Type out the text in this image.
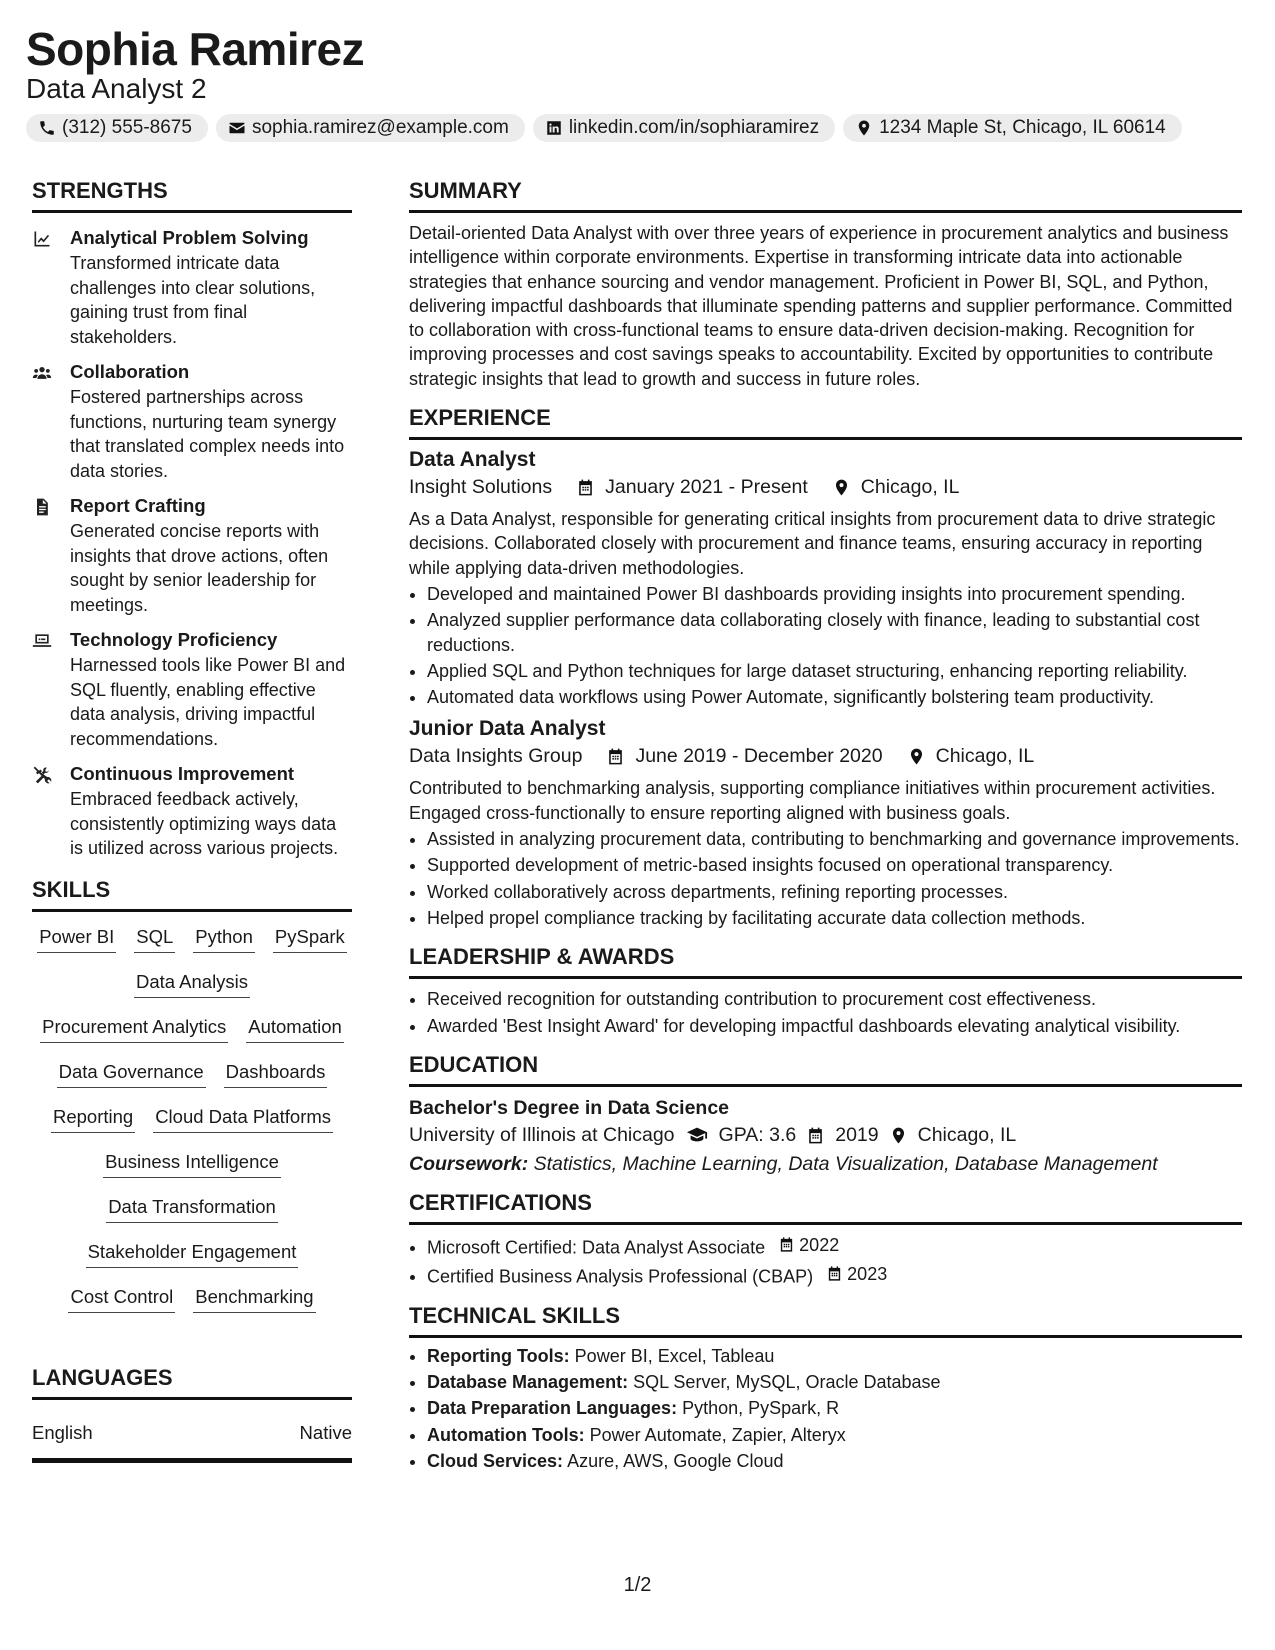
Sophia Ramirez
Data Analyst 2
(312) 555-8675	sophia.ramirez@example.com	linkedin.com/in/sophiaramirez	1234 Maple St, Chicago, IL 60614
STRENGTHS

Analytical Problem Solving

Transformed intricate data challenges into clear solutions, gaining trust from final stakeholders.

Collaboration

Fostered partnerships across functions, nurturing team synergy that translated complex needs into data stories.

Report Crafting

Generated concise reports with insights that drove actions, often sought by senior leadership for meetings.

Technology Proficiency

Harnessed tools like Power BI and SQL fluently, enabling effective data analysis, driving impactful recommendations.

Continuous Improvement

Embraced feedback actively, consistently optimizing ways data is utilized across various projects.

SKILLS
Power BI SQL Python PySpark
Data Analysis
Procurement Analytics Automation
Data Governance Dashboards
Reporting Cloud Data Platforms
Business Intelligence
Data Transformation
Stakeholder Engagement
Cost Control Benchmarking
LANGUAGES
English	Native
SUMMARY

Detail-oriented Data Analyst with over three years of experience in procurement analytics and business intelligence within corporate environments. Expertise in transforming intricate data into actionable strategies that enhance sourcing and vendor management. Proficient in Power BI, SQL, and Python, delivering impactful dashboards that illuminate spending patterns and supplier performance. Committed to collaboration with cross-functional teams to ensure data-driven decision-making. Recognition for improving processes and cost savings speaks to accountability. Excited by opportunities to contribute strategic insights that lead to growth and success in future roles.

EXPERIENCE
Data Analyst
Insight Solutions	January 2021 - Present	Chicago, IL

As a Data Analyst, responsible for generating critical insights from procurement data to drive strategic decisions. Collaborated closely with procurement and finance teams, ensuring accuracy in reporting while applying data-driven methodologies.

• Developed and maintained Power BI dashboards providing insights into procurement spending.
• Analyzed supplier performance data collaborating closely with finance, leading to substantial cost reductions.
• Applied SQL and Python techniques for large dataset structuring, enhancing reporting reliability.
• Automated data workflows using Power Automate, significantly bolstering team productivity.
Junior Data Analyst
Data Insights Group	June 2019 - December 2020	Chicago, IL

Contributed to benchmarking analysis, supporting compliance initiatives within procurement activities. Engaged cross-functionally to ensure reporting aligned with business goals.

• Assisted in analyzing procurement data, contributing to benchmarking and governance improvements.
• Supported development of metric-based insights focused on operational transparency.
• Worked collaboratively across departments, refining reporting processes.
• Helped propel compliance tracking by facilitating accurate data collection methods.
LEADERSHIP & AWARDS
• Received recognition for outstanding contribution to procurement cost effectiveness.
• Awarded 'Best Insight Award' for developing impactful dashboards elevating analytical visibility.
EDUCATION

Bachelor's Degree in Data Science

University of Illinois at Chicago GPA: 3.6 2019 Chicago, IL

Coursework: Statistics, Machine Learning, Data Visualization, Database Management

CERTIFICATIONS
• Microsoft Certified: Data Analyst Associate 2022
• Certified Business Analysis Professional (CBAP) 2023
TECHNICAL SKILLS
• Reporting Tools: Power BI, Excel, Tableau
• Database Management: SQL Server, MySQL, Oracle Database
• Data Preparation Languages: Python, PySpark, R
• Automation Tools: Power Automate, Zapier, Alteryx
• Cloud Services: Azure, AWS, Google Cloud
1/2
